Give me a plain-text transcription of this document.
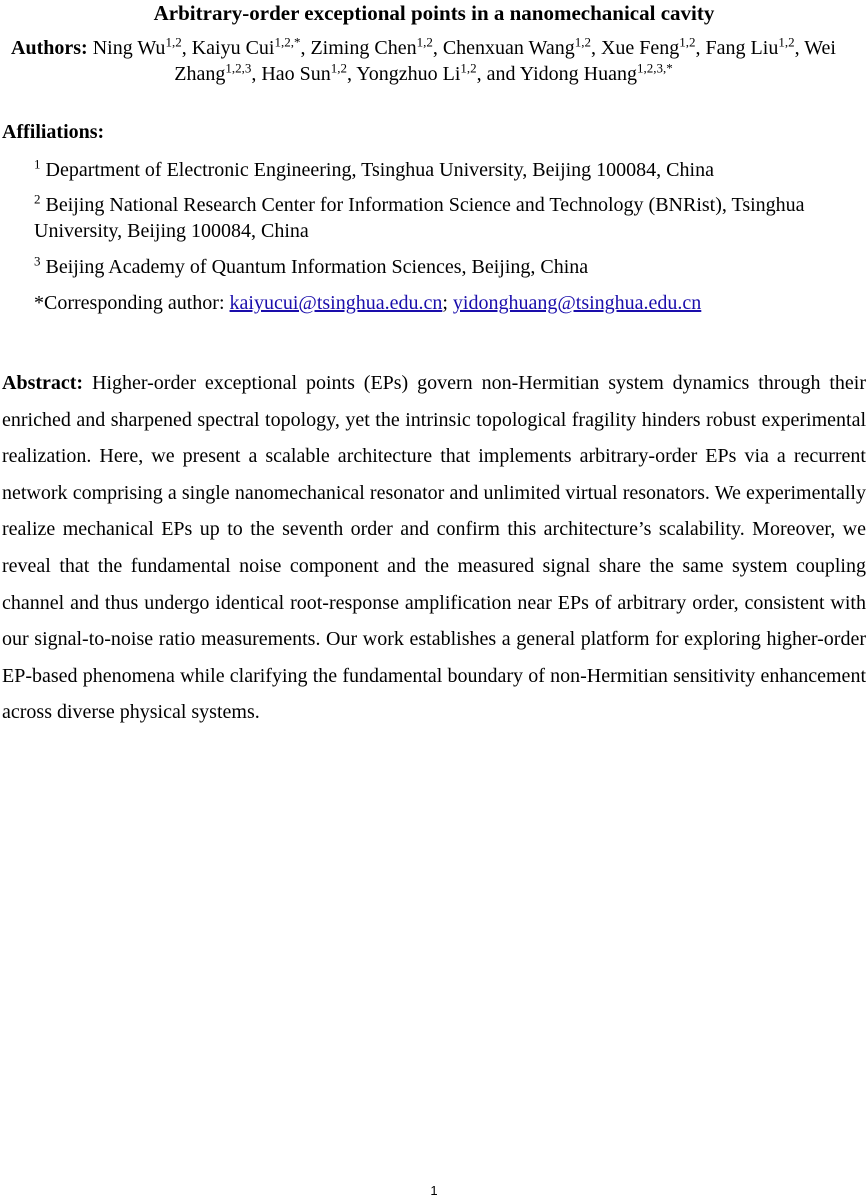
Arbitrary-order exceptional points in a nanomechanical cavity
Authors: Ning Wu$^{1,2}$, Kaiyu Cui$^{1,2,*}$, Ziming Chen$^{1,2}$, Chenxuan Wang$^{1,2}$, Xue Feng$^{1,2}$, Fang Liu$^{1,2}$, Wei Zhang$^{1,2,3}$, Hao Sun$^{1,2}$, Yongzhuo Li$^{1,2}$, and Yidong Huang$^{1,2,3,*}$
Affiliations:
$^1$ Department of Electronic Engineering, Tsinghua University, Beijing 100084, China
$^2$ Beijing National Research Center for Information Science and Technology (BNRist), Tsinghua University, Beijing 100084, China
$^3$ Beijing Academy of Quantum Information Sciences, Beijing, China
*Corresponding author: kaiyucui@tsinghua.edu.cn; yidonghuang@tsinghua.edu.cn

Abstract: Higher-order exceptional points (EPs) govern non-Hermitian system dynamics through their enriched and sharpened spectral topology, yet the intrinsic topological fragility hinders robust experimental realization. Here, we present a scalable architecture that implements arbitrary-order EPs via a recurrent network comprising a single nanomechanical resonator and unlimited virtual resonators. We experimentally realize mechanical EPs up to the seventh order and confirm this architecture’s scalability. Moreover, we reveal that the fundamental noise component and the measured signal share the same system coupling channel and thus undergo identical root-response amplification near EPs of arbitrary order, consistent with our signal-to-noise ratio measurements. Our work establishes a general platform for exploring higher-order EP-based phenomena while clarifying the fundamental boundary of non-Hermitian sensitivity enhancement across diverse physical systems.

1
